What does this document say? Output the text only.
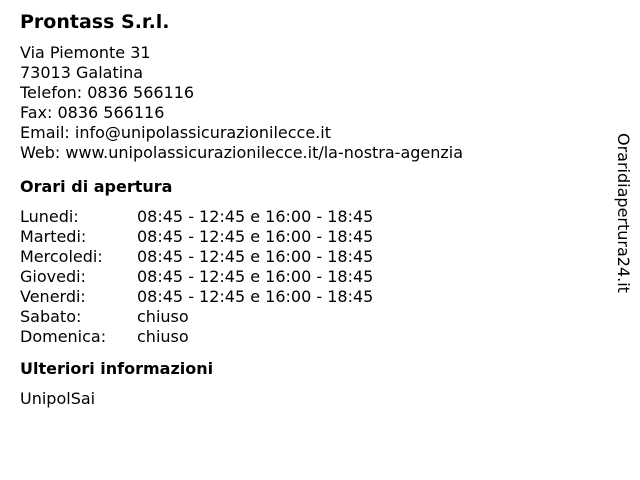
Prontass S.r.l.
Via Piemonte 31
73013 Galatina
Telefon: 0836 566116
Fax: 0836 566116
Email: info@unipolassicurazionilecce.it
Web: www.unipolassicurazionilecce.it/la-nostra-agenzia
Orari di apertura
Lunedi:	08:45 - 12:45 e 16:00 - 18:45
Martedi:	08:45 - 12:45 e 16:00 - 18:45
Mercoledi:	08:45 - 12:45 e 16:00 - 18:45
Giovedi:	08:45 - 12:45 e 16:00 - 18:45
Venerdi:	08:45 - 12:45 e 16:00 - 18:45
Sabato:	chiuso
Domenica:	chiuso
Ulteriori informazioni
UnipolSai
Oraridiapertura24.it
